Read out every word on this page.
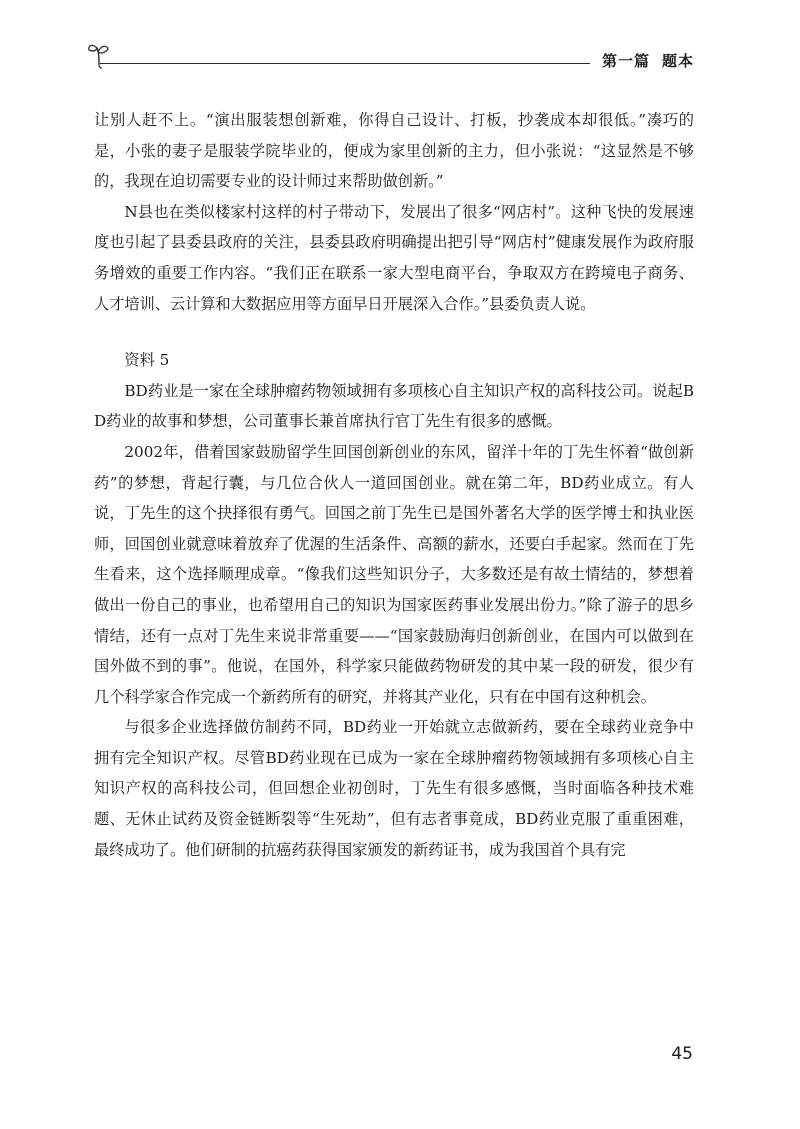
第一篇 题本

让别人赶不上。“演出服装想创新难，你得自己设计、打板，抄袭成本却很低。”凑巧的是，小张的妻子是服装学院毕业的，便成为家里创新的主力，但小张说：“这显然是不够的，我现在迫切需要专业的设计师过来帮助做创新。”

N县也在类似楼家村这样的村子带动下，发展出了很多“网店村”。这种飞快的发展速度也引起了县委县政府的关注，县委县政府明确提出把引导“网店村”健康发展作为政府服务增效的重要工作内容。“我们正在联系一家大型电商平台，争取双方在跨境电子商务、人才培训、云计算和大数据应用等方面早日开展深入合作。”县委负责人说。

资料 5

BD药业是一家在全球肿瘤药物领域拥有多项核心自主知识产权的高科技公司。说起BD药业的故事和梦想，公司董事长兼首席执行官丁先生有很多的感慨。

2002年，借着国家鼓励留学生回国创新创业的东风，留洋十年的丁先生怀着“做创新药”的梦想，背起行囊，与几位合伙人一道回国创业。就在第二年，BD药业成立。有人说，丁先生的这个抉择很有勇气。回国之前丁先生已是国外著名大学的医学博士和执业医师，回国创业就意味着放弃了优渥的生活条件、高额的薪水，还要白手起家。然而在丁先生看来，这个选择顺理成章。“像我们这些知识分子，大多数还是有故土情结的，梦想着做出一份自己的事业，也希望用自己的知识为国家医药事业发展出份力。”除了游子的思乡情结，还有一点对丁先生来说非常重要——“国家鼓励海归创新创业，在国内可以做到在国外做不到的事”。他说，在国外，科学家只能做药物研发的其中某一段的研发，很少有几个科学家合作完成一个新药所有的研究，并将其产业化，只有在中国有这种机会。

与很多企业选择做仿制药不同，BD药业一开始就立志做新药，要在全球药业竞争中拥有完全知识产权。尽管BD药业现在已成为一家在全球肿瘤药物领域拥有多项核心自主知识产权的高科技公司，但回想企业初创时，丁先生有很多感慨，当时面临各种技术难题、无休止试药及资金链断裂等“生死劫”，但有志者事竟成，BD药业克服了重重困难，最终成功了。他们研制的抗癌药获得国家颁发的新药证书，成为我国首个具有完

45
